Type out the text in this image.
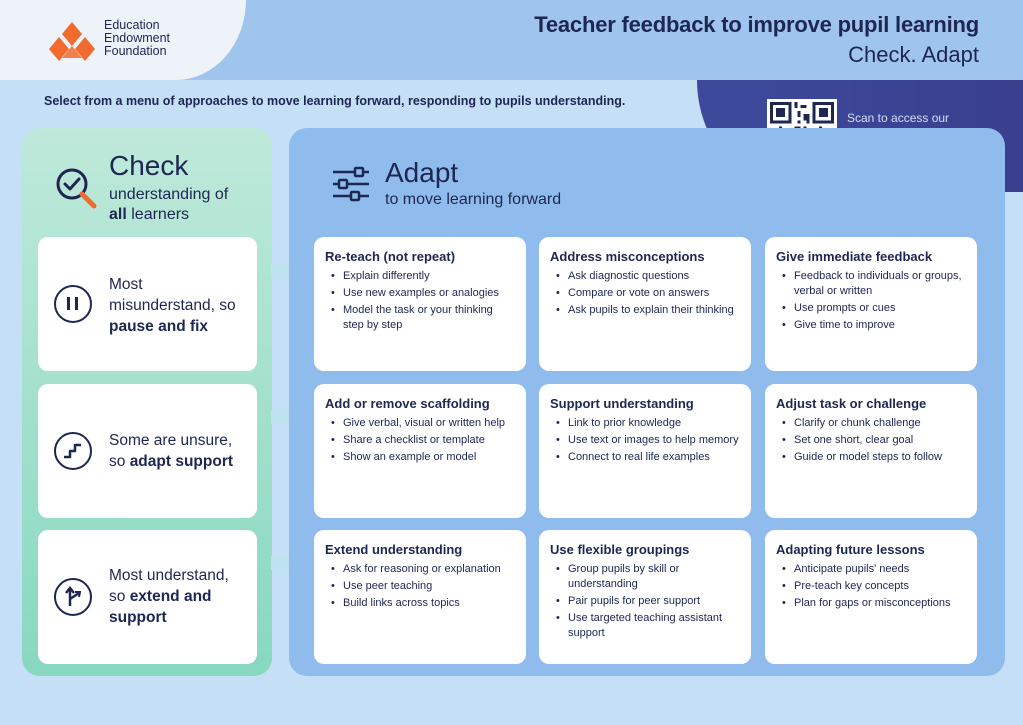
Education
Endowment
Foundation
Teacher feedback to improve pupil learning
Check. Adapt
Scan to access our
Select from a menu of approaches to move learning forward, responding to pupils understanding.
Check
understanding of
all learners
Most
misunderstand, so
pause and fix
Some are unsure,
so adapt support
Most understand,
so extend and
support
Adapt
to move learning forward
Re-teach (not repeat)
• Explain differently
• Use new examples or analogies
• Model the task or your thinking step by step
Address misconceptions
• Ask diagnostic questions
• Compare or vote on answers
• Ask pupils to explain their thinking
Give immediate feedback
• Feedback to individuals or groups, verbal or written
• Use prompts or cues
• Give time to improve
Add or remove scaffolding
• Give verbal, visual or written help
• Share a checklist or template
• Show an example or model
Support understanding
• Link to prior knowledge
• Use text or images to help memory
• Connect to real life examples
Adjust task or challenge
• Clarify or chunk challenge
• Set one short, clear goal
• Guide or model steps to follow
Extend understanding
• Ask for reasoning or explanation
• Use peer teaching
• Build links across topics
Use flexible groupings
• Group pupils by skill or understanding
• Pair pupils for peer support
• Use targeted teaching assistant support
Adapting future lessons
• Anticipate pupils' needs
• Pre-teach key concepts
• Plan for gaps or misconceptions
